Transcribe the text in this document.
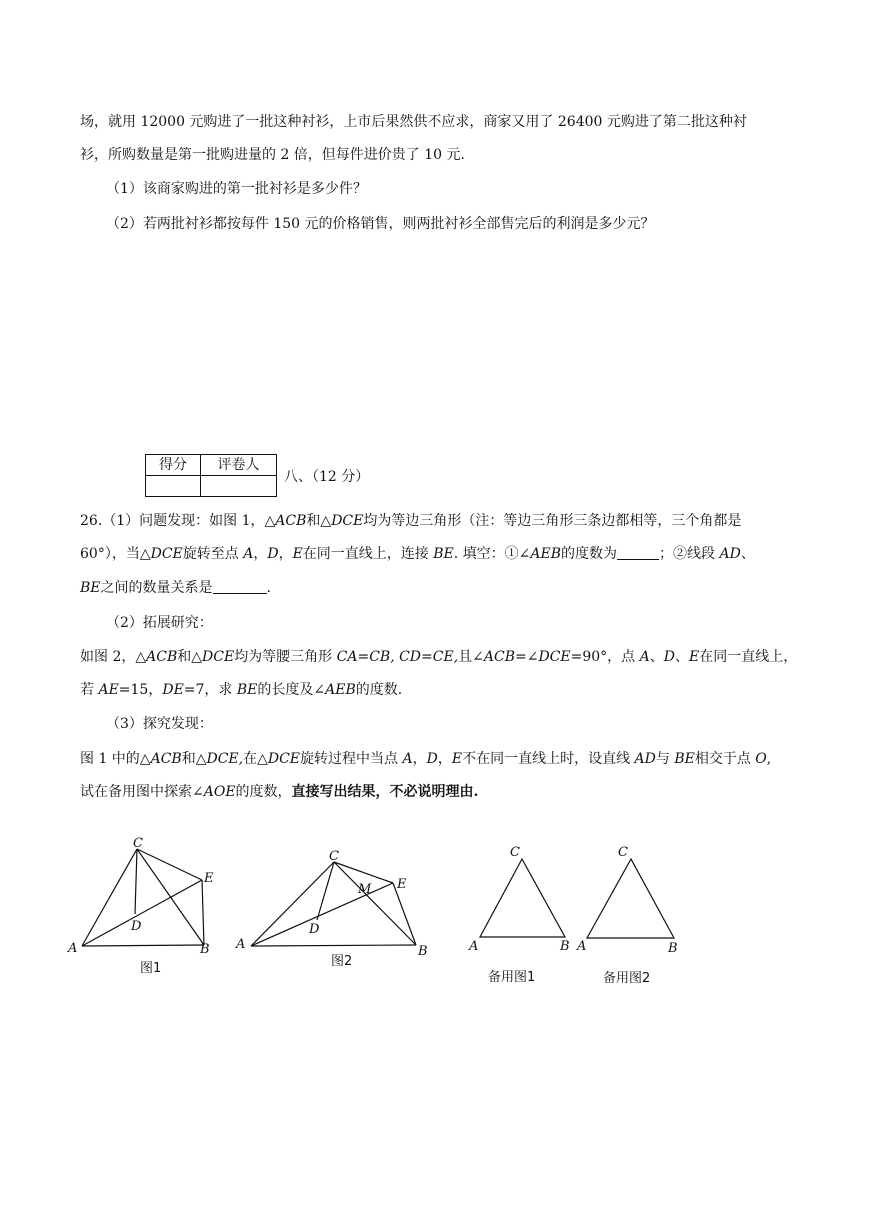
场，就用 12000 元购进了一批这种衬衫，上市后果然供不应求，商家又用了 26400 元购进了第二批这种衬
衫，所购数量是第一批购进量的 2 倍，但每件进价贵了 10 元．
（1）该商家购进的第一批衬衫是多少件？
（2）若两批衬衫都按每件 150 元的价格销售，则两批衬衫全部售完后的利润是多少元？
得分	评卷人

八、（12 分）
26.（1）问题发现：如图 1，△ACB和△DCE均为等边三角形（注：等边三角形三条边都相等，三个角都是
60°），当△DCE旋转至点 A，D，E在同一直线上，连接 BE. 填空：①∠AEB的度数为	；②线段 AD、
BE之间的数量关系是	.
（2）拓展研究：
如图 2，△ACB和△DCE均为等腰三角形 CA=CB, CD=CE,且∠ACB=∠DCE=90°，点 A、D、E在同一直线上，
若 AE=15，DE=7，求 BE的长度及∠AEB的度数.
（3）探究发现：
图 1 中的△ACB和△DCE,在△DCE旋转过程中当点 A，D，E不在同一直线上时，设直线 AD与 BE相交于点 O,
试在备用图中探索∠AOE的度数，直接写出结果，不必说明理由.
C
E
D
A	B
图1
C
E
M
D
A	B
图2
C
A	B
备用图1
C
A	B
备用图2
